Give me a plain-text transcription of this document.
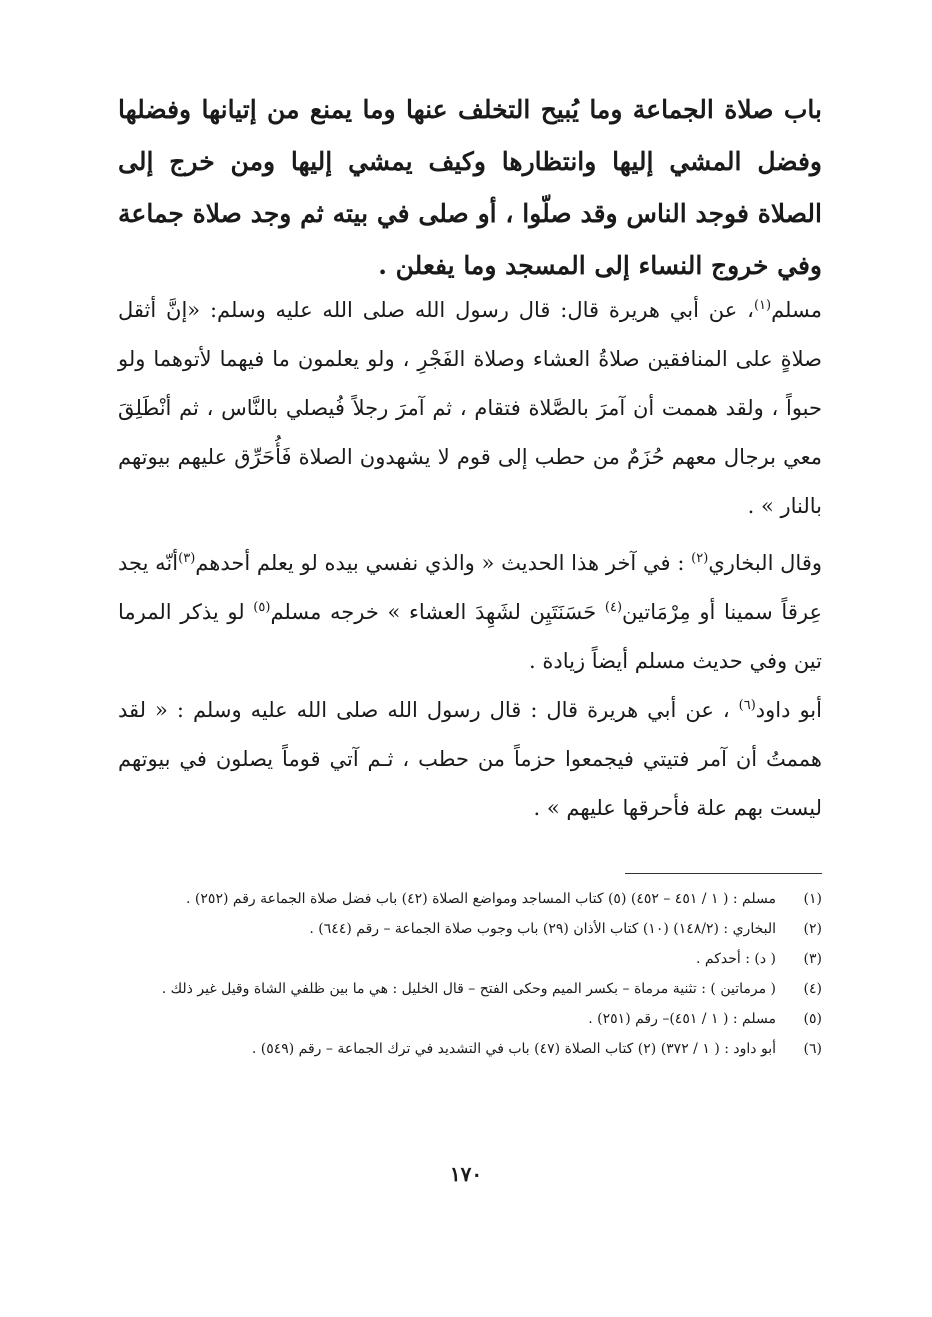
باب صلاة الجماعة وما يُبيح التخلف عنها وما يمنع من إتيانها وفضلها وفضل المشي إليها وانتظارها وكيف يمشي إليها ومن خرج إلى الصلاة فوجد الناس وقد صلّوا ، أو صلى في بيته ثم وجد صلاة جماعة وفي خروج النساء إلى المسجد وما يفعلن .
مسلم$^{(١)}$، عن أبي هريرة قال: قال رسول الله صلى الله عليه وسلم: «إنَّ أثقل صلاةٍ على المنافقين صلاةُ العشاء وصلاة الفَجْرِ ، ولو يعلمون ما فيهما لأتوهما ولو حبواً ، ولقد هممت أن آمرَ بالصَّلاة فتقام ، ثم آمرَ رجلاً فُيصلي بالنَّاس ، ثم أنْطَلِقَ معي برجال معهم حُزَمٌ من حطب إلى قوم لا يشهدون الصلاة فَأُحَرِّق عليهم بيوتهم بالنار » .
وقال البخاري$^{(٢)}$ : في آخر هذا الحديث « والذي نفسي بيده لو يعلم أحدهم$^{(٣)}$أنّه يجد عِرقاً سمينا أو مِرْمَاتين$^{(٤)}$ حَسَنَتَيِن لشَهِدَ العشاء » خرجه مسلم$^{(٥)}$ لو يذكر المرما تين وفي حديث مسلم أيضاً زيادة .
أبو داود$^{(٦)}$ ، عن أبي هريرة قال : قال رسول الله صلى الله عليه وسلم : « لقد هممتُ أن آمر فتيتي فيجمعوا حزماً من حطب ، ثـم آتي قوماً يصلون في بيوتهم ليست بهم علة فأحرقها عليهم » .
(١)
مسلم : ( ١ / ٤٥١ – ٤٥٢) (٥) كتاب المساجد ومواضع الصلاة (٤٢) باب فضل صلاة الجماعة رقم (٢٥٢) .
(٢)
البخاري : (١٤٨/٢) (١٠) كتاب الأذان (٢٩) باب وجوب صلاة الجماعة – رقم (٦٤٤) .
(٣)
( د) : أحدكم .
(٤)
( مرماتين ) : تثنية مرماة – بكسر الميم وحكى الفتح – قال الخليل : هي ما بين ظلفي الشاة وقيل غير ذلك .
(٥)
مسلم : ( ١ / ٤٥١)– رقم (٢٥١) .
(٦)
أبو داود : ( ١ / ٣٧٢) (٢) كتاب الصلاة (٤٧) باب في التشديد في ترك الجماعة – رقم (٥٤٩) .
١٧٠
